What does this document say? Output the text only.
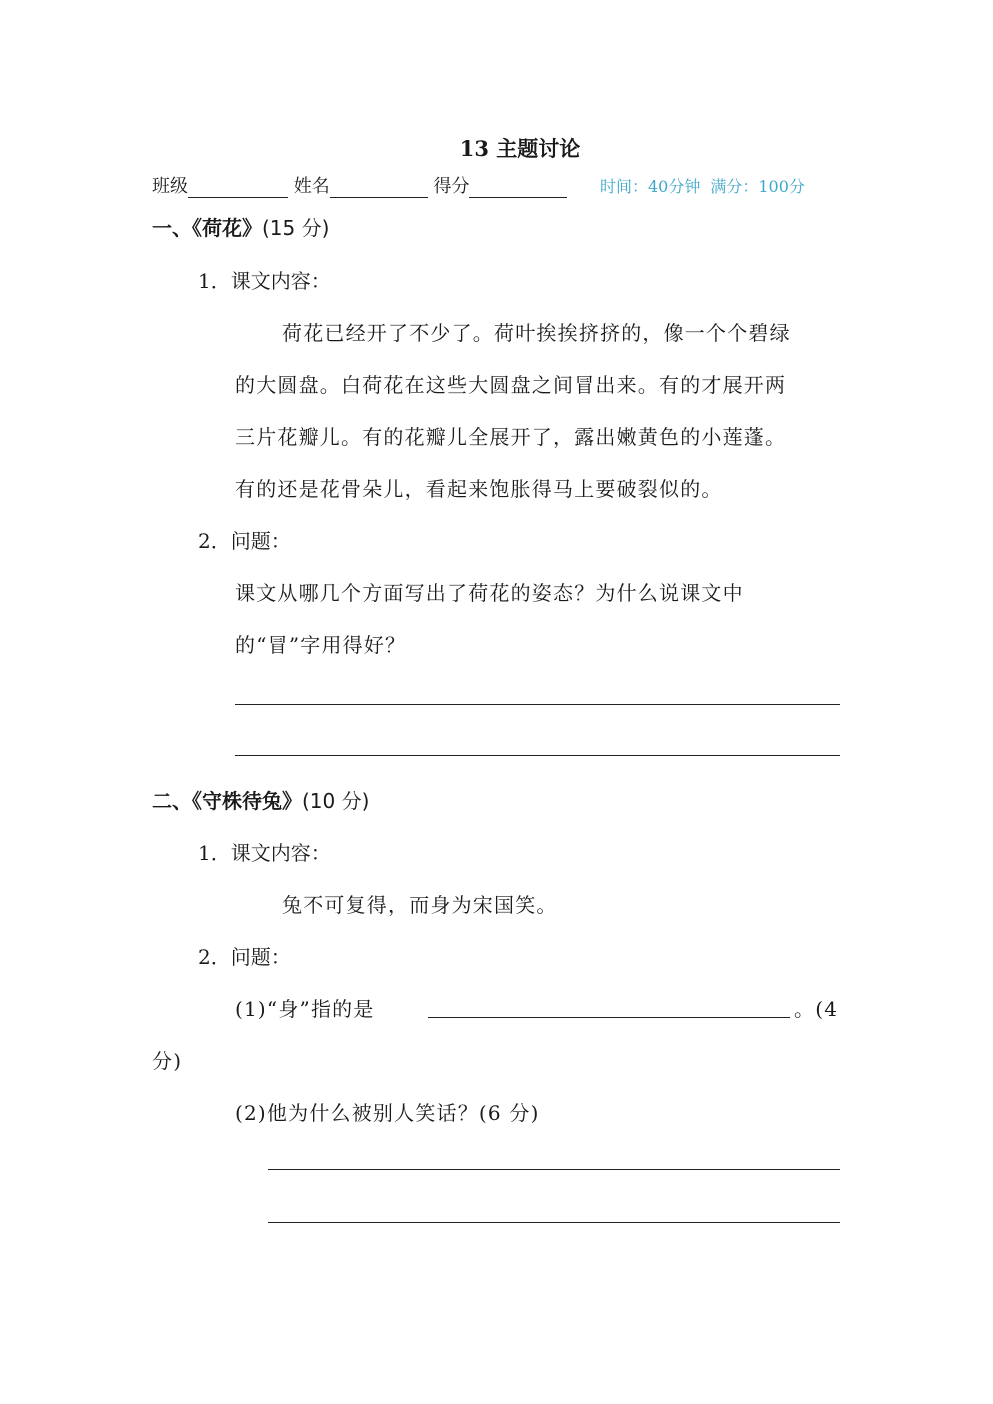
13 主题讨论
班级	姓名	得分	时间：40分钟 满分：100分
一、《荷花》(15 分)
1．课文内容：
荷花已经开了不少了。荷叶挨挨挤挤的，像一个个碧绿
的大圆盘。白荷花在这些大圆盘之间冒出来。有的才展开两
三片花瓣儿。有的花瓣儿全展开了，露出嫩黄色的小莲蓬。
有的还是花骨朵儿，看起来饱胀得马上要破裂似的。
2．问题：
课文从哪几个方面写出了荷花的姿态？为什么说课文中
的“冒”字用得好？
二、《守株待兔》(10 分)
1．课文内容：
兔不可复得，而身为宋国笑。
2．问题：
(1)“身”指的是	。(4
分)
(2)他为什么被别人笑话？(6 分)
